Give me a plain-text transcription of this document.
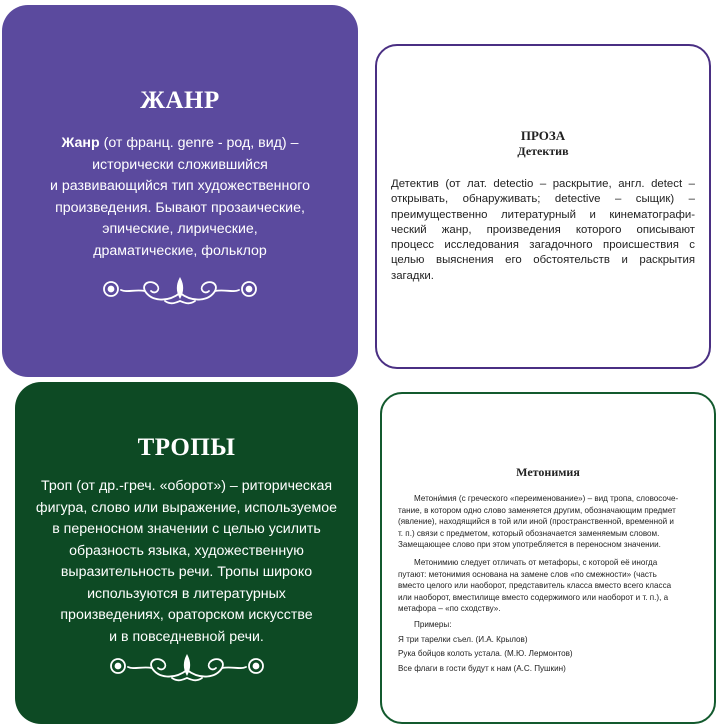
ЖАНР
Жанр (от франц. genre - род, вид) –
исторически сложившийся
и развивающийся тип художественного
произведения. Бывают прозаические,
эпические, лирические,
драматические, фольклор

ПРОЗА

Детектив

Детектив (от лат. detectio – раскрытие, англ. detect –
открывать, обнаруживать; detective – сыщик) –
преимущественно литературный и кинематографи-
ческий жанр, произведения которого описывают
процесс исследования загадочного происшествия с
целью выяснения его обстоятельств и раскрытия
загадки.
ТРОПЫ
Троп (от др.-греч. «оборот») – риторическая
фигура, слово или выражение, используемое
в переносном значении с целью усилить
образность языка, художественную
выразительность речи. Тропы широко
используются в литературных
произведениях, ораторском искусстве
и в повседневной речи.

Метонимия

Метони́мия (с греческого «переименование») – вид тропа, словосоче-
тание, в котором одно слово заменяется другим, обозначающим предмет
(явление), находящийся в той или иной (пространственной, временной и
т. п.) связи с предметом, который обозначается заменяемым словом.
Замещающее слово при этом употребляется в переносном значении.
Метонимию следует отличать от метафоры, с которой её иногда
путают: метонимия основана на замене слов «по смежности» (часть
вместо целого или наоборот, представитель класса вместо всего класса
или наоборот, вместилище вместо содержимого или наоборот и т. п.), а
метафора – «по сходству».
Примеры:
Я три тарелки съел. (И.А. Крылов)
Рука бойцов колоть устала. (М.Ю. Лермонтов)
Все флаги в гости будут к нам (А.С. Пушкин)
